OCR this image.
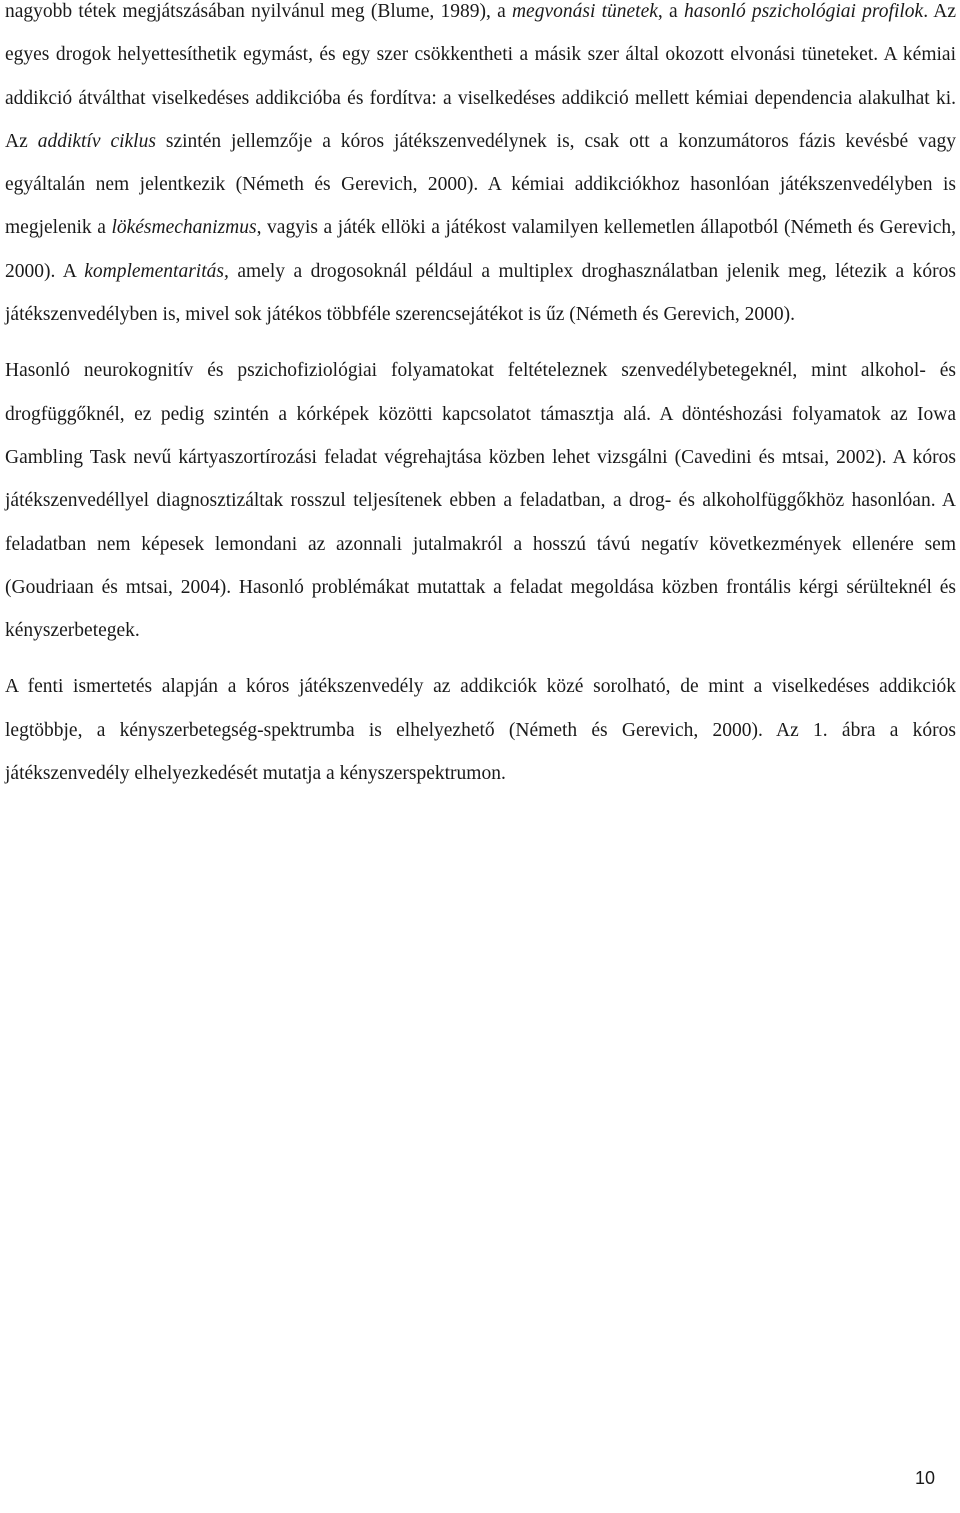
nagyobb tétek megjátszásában nyilvánul meg (Blume, 1989), a megvonási tünetek, a hasonló pszichológiai profilok. Az egyes drogok helyettesíthetik egymást, és egy szer csökkentheti a másik szer által okozott elvonási tüneteket. A kémiai addikció átválthat viselkedéses addikcióba és fordítva: a viselkedéses addikció mellett kémiai dependencia alakulhat ki. Az addiktív ciklus szintén jellemzője a kóros játékszenvedélynek is, csak ott a konzumátoros fázis kevésbé vagy egyáltalán nem jelentkezik (Németh és Gerevich, 2000). A kémiai addikciókhoz hasonlóan játékszenvedélyben is megjelenik a lökésmechanizmus, vagyis a játék ellöki a játékost valamilyen kellemetlen állapotból (Németh és Gerevich, 2000). A komplementaritás, amely a drogosoknál például a multiplex droghasználatban jelenik meg, létezik a kóros játékszenvedélyben is, mivel sok játékos többféle szerencsejátékot is űz (Németh és Gerevich, 2000).

Hasonló neurokognitív és pszichofiziológiai folyamatokat feltételeznek szenvedélybetegeknél, mint alkohol- és drogfüggőknél, ez pedig szintén a kórképek közötti kapcsolatot támasztja alá. A döntéshozási folyamatok az Iowa Gambling Task nevű kártyaszortírozási feladat végrehajtása közben lehet vizsgálni (Cavedini és mtsai, 2002). A kóros játékszenvedéllyel diagnosztizáltak rosszul teljesítenek ebben a feladatban, a drog- és alkoholfüggőkhöz hasonlóan. A feladatban nem képesek lemondani az azonnali jutalmakról a hosszú távú negatív következmények ellenére sem (Goudriaan és mtsai, 2004). Hasonló problémákat mutattak a feladat megoldása közben frontális kérgi sérülteknél és kényszerbetegek.

A fenti ismertetés alapján a kóros játékszenvedély az addikciók közé sorolható, de mint a viselkedéses addikciók legtöbbje, a kényszerbetegség-spektrumba is elhelyezhető (Németh és Gerevich, 2000). Az 1. ábra a kóros játékszenvedély elhelyezkedését mutatja a kényszerspektrumon.

10
